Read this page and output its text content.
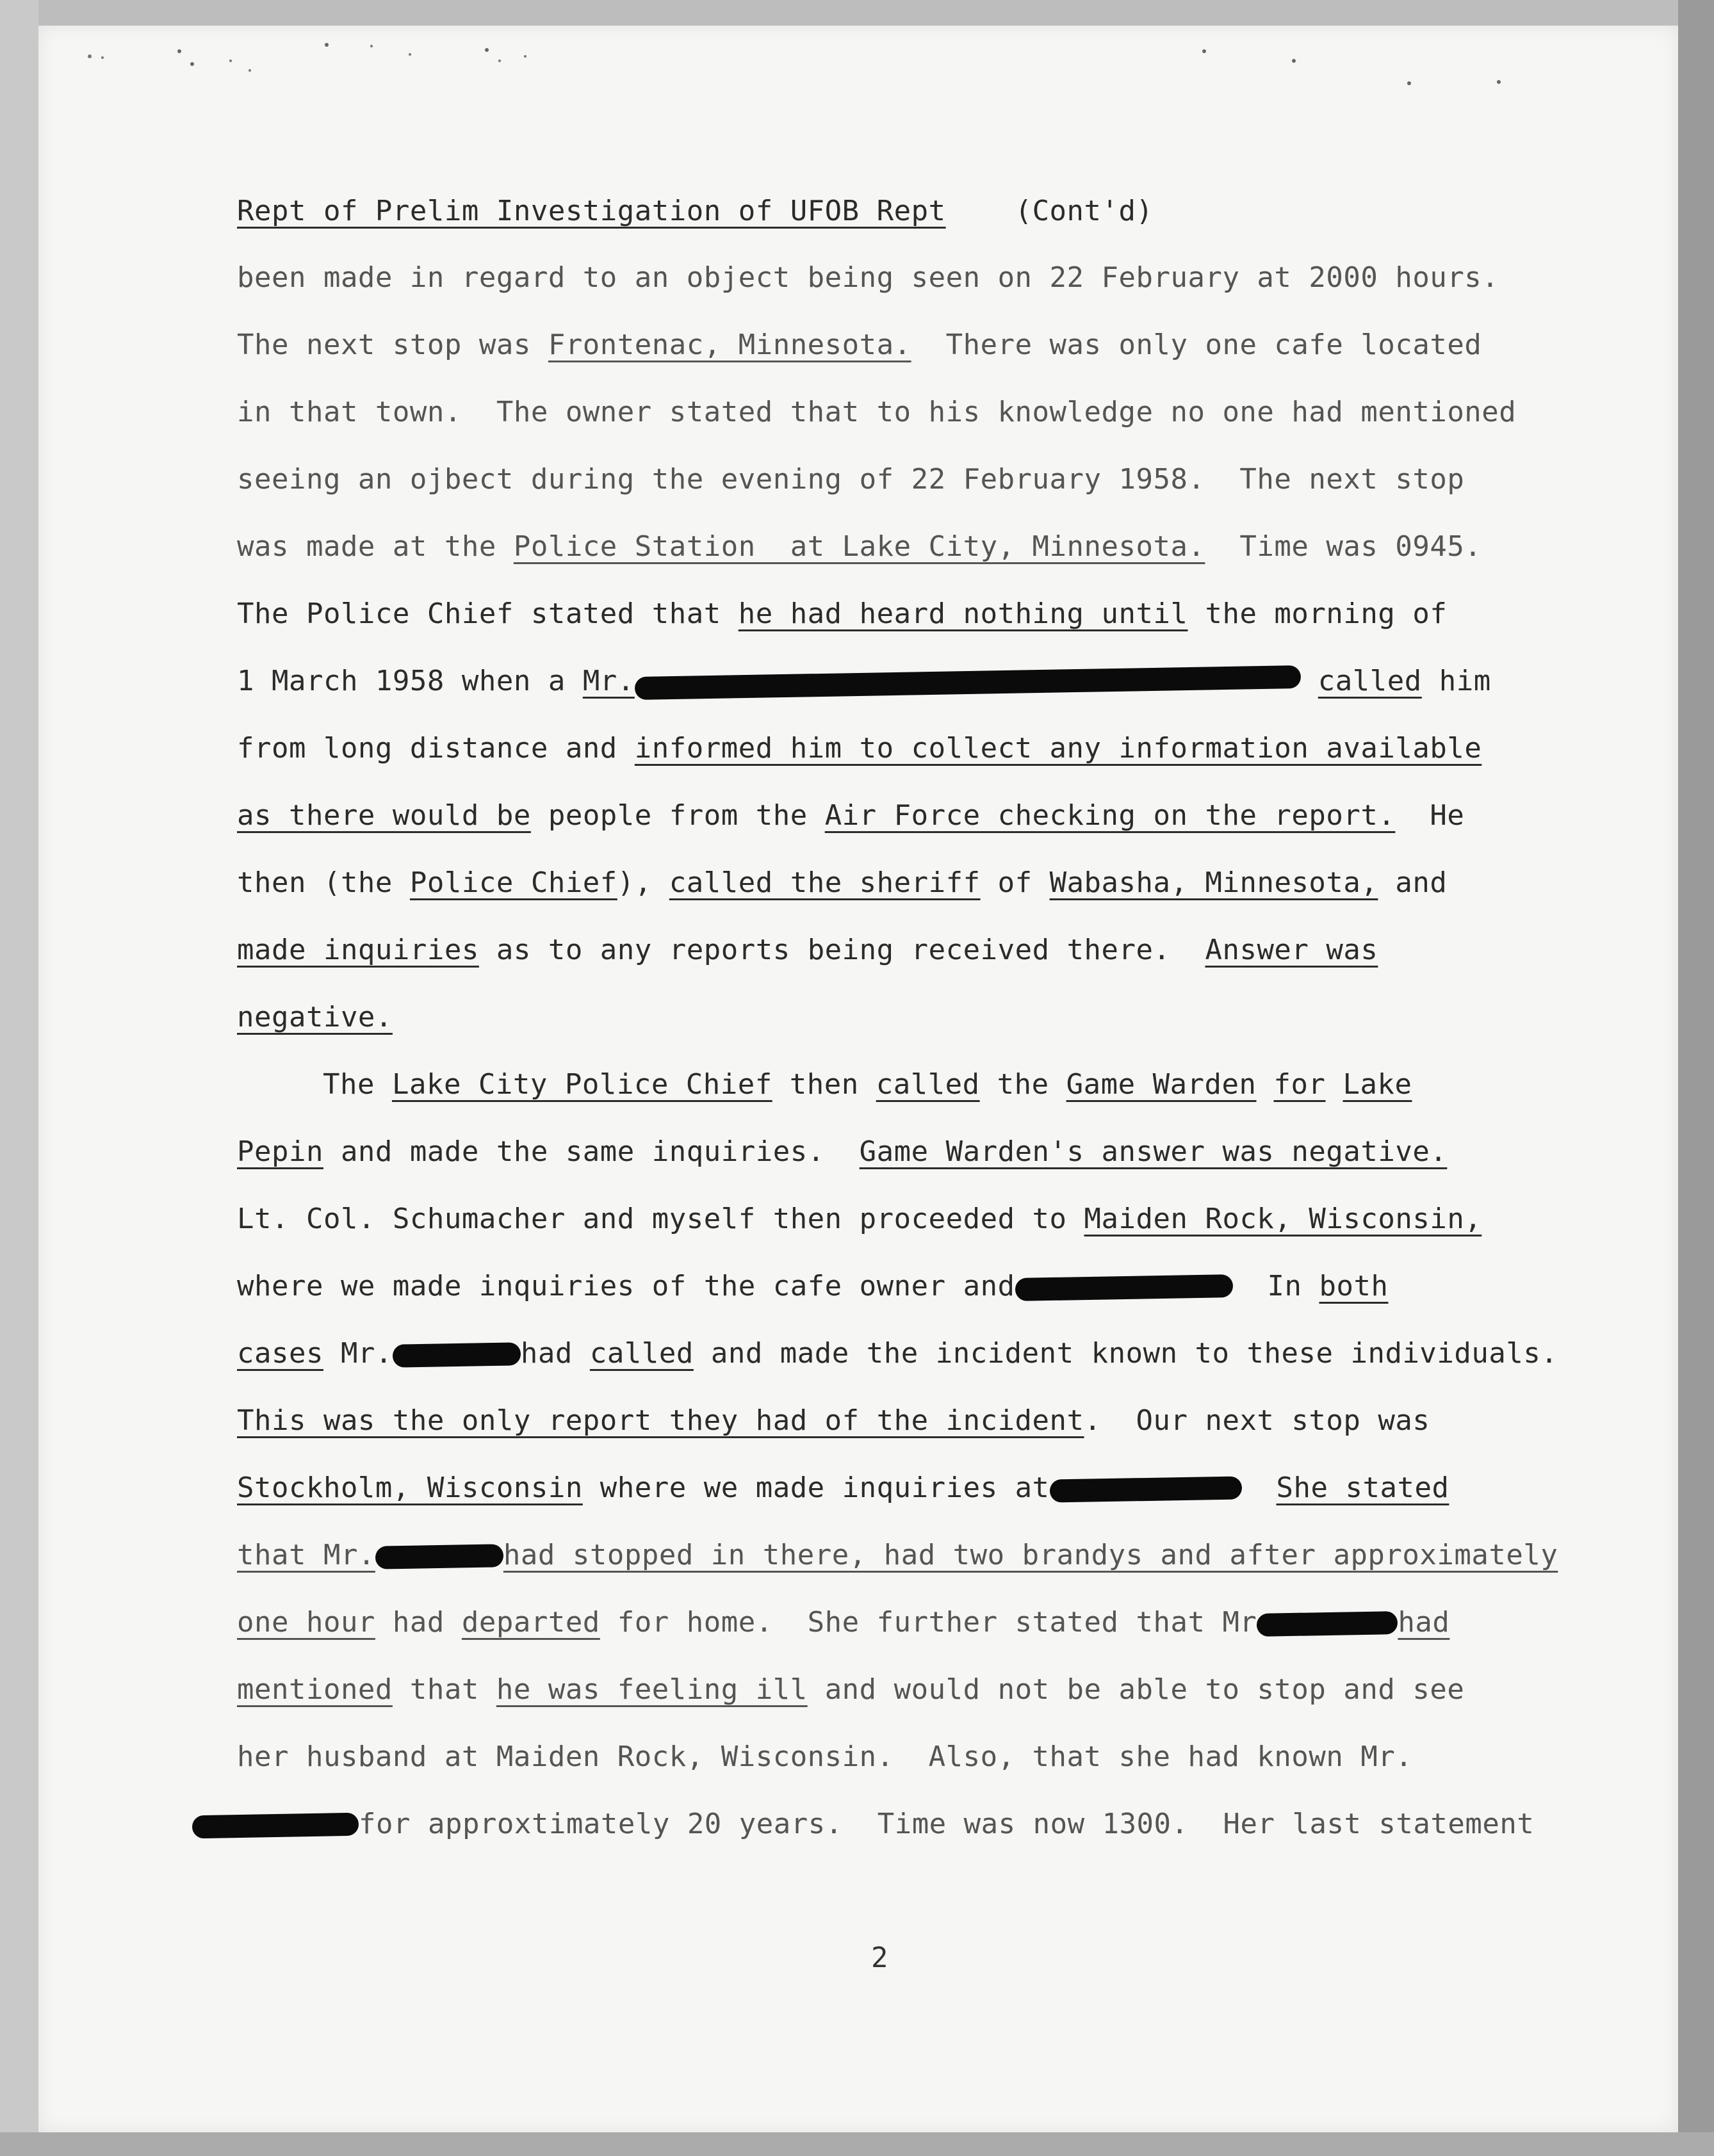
Rept of Prelim Investigation of UFOB Rept (Cont'd)
been made in regard to an object being seen on 22 February at 2000 hours.
The next stop was Frontenac, Minnesota.  There was only one cafe located
in that town.  The owner stated that to his knowledge no one had mentioned
seeing an ojbect during the evening of 22 February 1958.  The next stop
was made at the Police Station  at Lake City, Minnesota.  Time was 0945.
The Police Chief stated that he had heard nothing until the morning of
1 March 1958 when a Mr.	called him
from long distance and informed him to collect any information available
as there would be people from the Air Force checking on the report.  He
then (the Police Chief), called the sheriff of Wabasha, Minnesota, and
made inquiries as to any reports being received there.  Answer was
negative.
The Lake City Police Chief then called the Game Warden for Lake
Pepin and made the same inquiries.  Game Warden's answer was negative.
Lt. Col. Schumacher and myself then proceeded to Maiden Rock, Wisconsin,
where we made inquiries of the cafe owner and	In both
cases Mr.	had called and made the incident known to these individuals.
This was the only report they had of the incident.  Our next stop was
Stockholm, Wisconsin where we made inquiries at	She stated
that Mr.	had stopped in there, had two brandys and after approximately
one hour had departed for home.  She further stated that Mr	had
mentioned that he was feeling ill and would not be able to stop and see
her husband at Maiden Rock, Wisconsin.  Also, that she had known Mr.
for approxtimately 20 years.  Time was now 1300.  Her last statement
2
